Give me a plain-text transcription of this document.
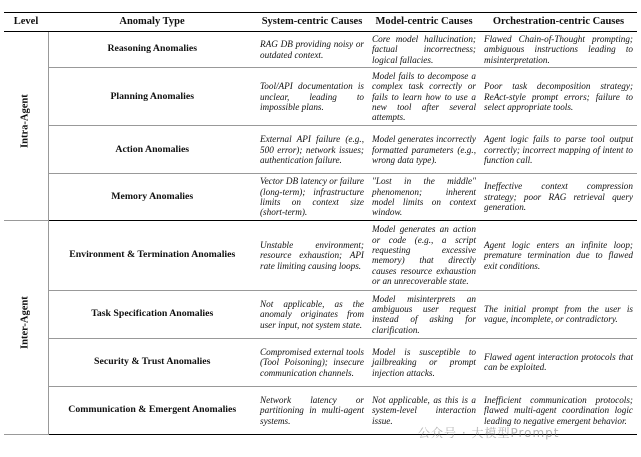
Level	Anomaly Type	System-centric Causes	Model-centric Causes	Orchestration-centric Causes

Intra-Agent	Reasoning Anomalies	RAG DB providing noisy or outdated context.	Core model hallucination; factual incorrectness; logical fallacies.	Flawed Chain-of-Thought prompting; ambiguous instructions leading to misinterpretation.
	Planning Anomalies	Tool/API documentation is unclear, leading to impossible plans.	Model fails to decompose a complex task correctly or fails to learn how to use a new tool after several attempts.	Poor task decomposition strategy; ReAct-style prompt errors; failure to select appropriate tools.
	Action Anomalies	External API failure (e.g., 500 error); network issues; authentication failure.	Model generates incorrectly formatted parameters (e.g., wrong data type).	Agent logic fails to parse tool output correctly; incorrect mapping of intent to function call.
	Memory Anomalies	Vector DB latency or failure (long-term); infrastructure limits on context size (short-term).	"Lost in the middle" phenomenon; inherent model limits on context window.	Ineffective context compression strategy; poor RAG retrieval query generation.

Inter-Agent	Environment & Termination Anomalies	Unstable environment; resource exhaustion; API rate limiting causing loops.	Model generates an action or code (e.g., a script requesting excessive memory) that directly causes resource exhaustion or an unrecoverable state.	Agent logic enters an infinite loop; premature termination due to flawed exit conditions.
	Task Specification Anomalies	Not applicable, as the anomaly originates from user input, not system state.	Model misinterprets an ambiguous user request instead of asking for clarification.	The initial prompt from the user is vague, incomplete, or contradictory.
	Security & Trust Anomalies	Compromised external tools (Tool Poisoning); insecure communication channels.	Model is susceptible to jailbreaking or prompt injection attacks.	Flawed agent interaction protocols that can be exploited.
	Communication & Emergent Anomalies	Network latency or partitioning in multi-agent systems.	Not applicable, as this is a system-level interaction issue.	Inefficient communication protocols; flawed multi-agent coordination logic leading to negative emergent behavior.
公众号 · 大模型Prompt
